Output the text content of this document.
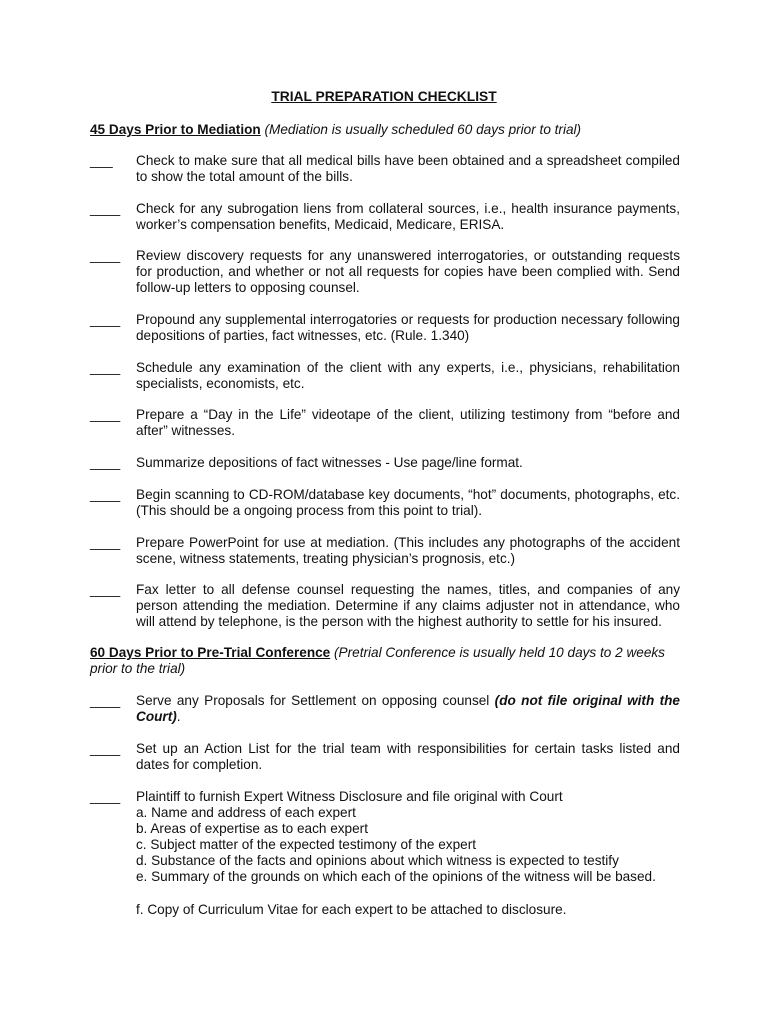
TRIAL PREPARATION CHECKLIST
45 Days Prior to Mediation (Mediation is usually scheduled 60 days prior to trial)
___	Check to make sure that all medical bills have been obtained and a spreadsheet compiled to show the total amount of the bills.
____ Check for any subrogation liens from collateral sources, i.e., health insurance payments, worker’s compensation benefits, Medicaid, Medicare, ERISA.
____ Review discovery requests for any unanswered interrogatories, or outstanding requests for production, and whether or not all requests for copies have been complied with. Send follow-up letters to opposing counsel.
____ Propound any supplemental interrogatories or requests for production necessary following depositions of parties, fact witnesses, etc. (Rule. 1.340)
____ Schedule any examination of the client with any experts, i.e., physicians, rehabilitation specialists, economists, etc.
____ Prepare a “Day in the Life” videotape of the client, utilizing testimony from “before and after” witnesses.
____ Summarize depositions of fact witnesses - Use page/line format.
____ Begin scanning to CD-ROM/database key documents, “hot” documents, photographs, etc. (This should be a ongoing process from this point to trial).
____ Prepare PowerPoint for use at mediation. (This includes any photographs of the accident scene, witness statements, treating physician’s prognosis, etc.)
____ Fax letter to all defense counsel requesting the names, titles, and companies of any person attending the mediation. Determine if any claims adjuster not in attendance, who will attend by telephone, is the person with the highest authority to settle for his insured.
60 Days Prior to Pre-Trial Conference (Pretrial Conference is usually held 10 days to 2 weeks prior to the trial)
____ Serve any Proposals for Settlement on opposing counsel (do not file original with the Court).
____ Set up an Action List for the trial team with responsibilities for certain tasks listed and dates for completion.
____ Plaintiff to furnish Expert Witness Disclosure and file original with Court
a. Name and address of each expert
b. Areas of expertise as to each expert
c. Subject matter of the expected testimony of the expert
d. Substance of the facts and opinions about which witness is expected to testify
e. Summary of the grounds on which each of the opinions of the witness will be based.
f. Copy of Curriculum Vitae for each expert to be attached to disclosure.
